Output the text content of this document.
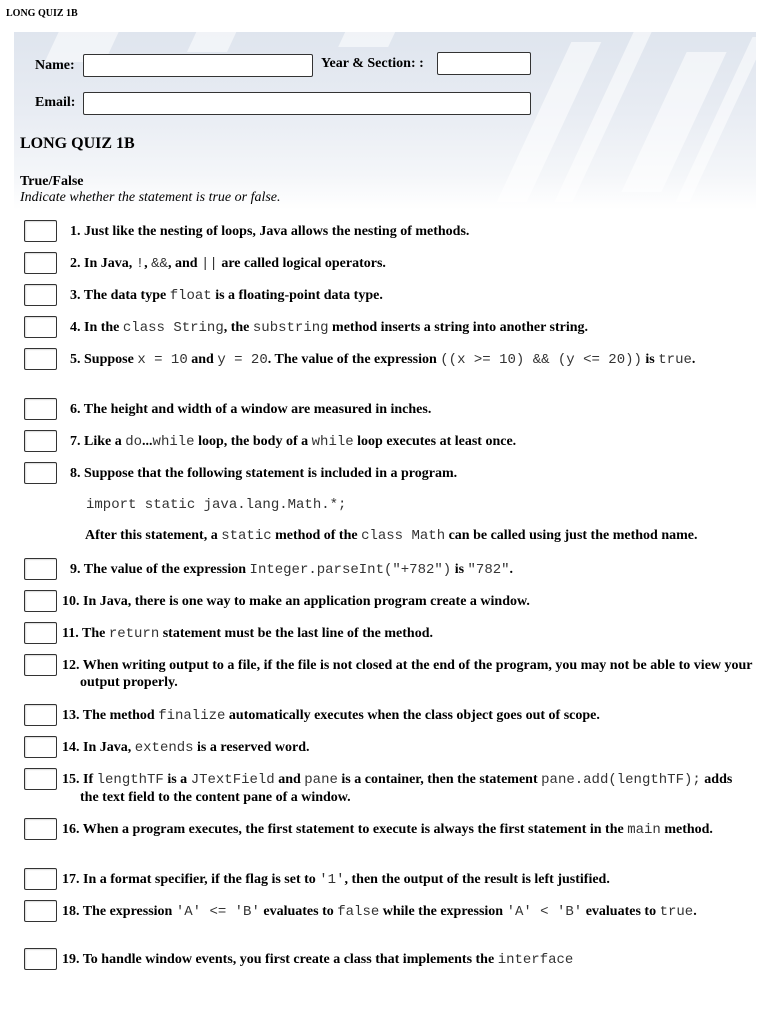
LONG QUIZ 1B
Name:	Year & Section: :
Email:
LONG QUIZ 1B
True/False
Indicate whether the statement is true or false.
1. Just like the nesting of loops, Java allows the nesting of methods.
2. In Java, !, &&, and || are called logical operators.
3. The data type float is a floating-point data type.
4. In the class String, the substring method inserts a string into another string.
5. Suppose x = 10 and y = 20. The value of the expression ((x >= 10) && (y <= 20)) is true.
6. The height and width of a window are measured in inches.
7. Like a do...while loop, the body of a while loop executes at least once.
8. Suppose that the following statement is included in a program.
9. The value of the expression Integer.parseInt("+782") is "782".
10. In Java, there is one way to make an application program create a window.
11. The return statement must be the last line of the method.
12. When writing output to a file, if the file is not closed at the end of the program, you may not be able to view your output properly.
13. The method finalize automatically executes when the class object goes out of scope.
14. In Java, extends is a reserved word.
15. If lengthTF is a JTextField and pane is a container, then the statement pane.add(lengthTF); adds the text field to the content pane of a window.
16. When a program executes, the first statement to execute is always the first statement in the main method.
17. In a format specifier, if the flag is set to '1', then the output of the result is left justified.
18. The expression 'A' <= 'B' evaluates to false while the expression 'A' < 'B' evaluates to true.
19. To handle window events, you first create a class that implements the interface
import static java.lang.Math.*;
After this statement, a static method of the class Math can be called using just the method name.
